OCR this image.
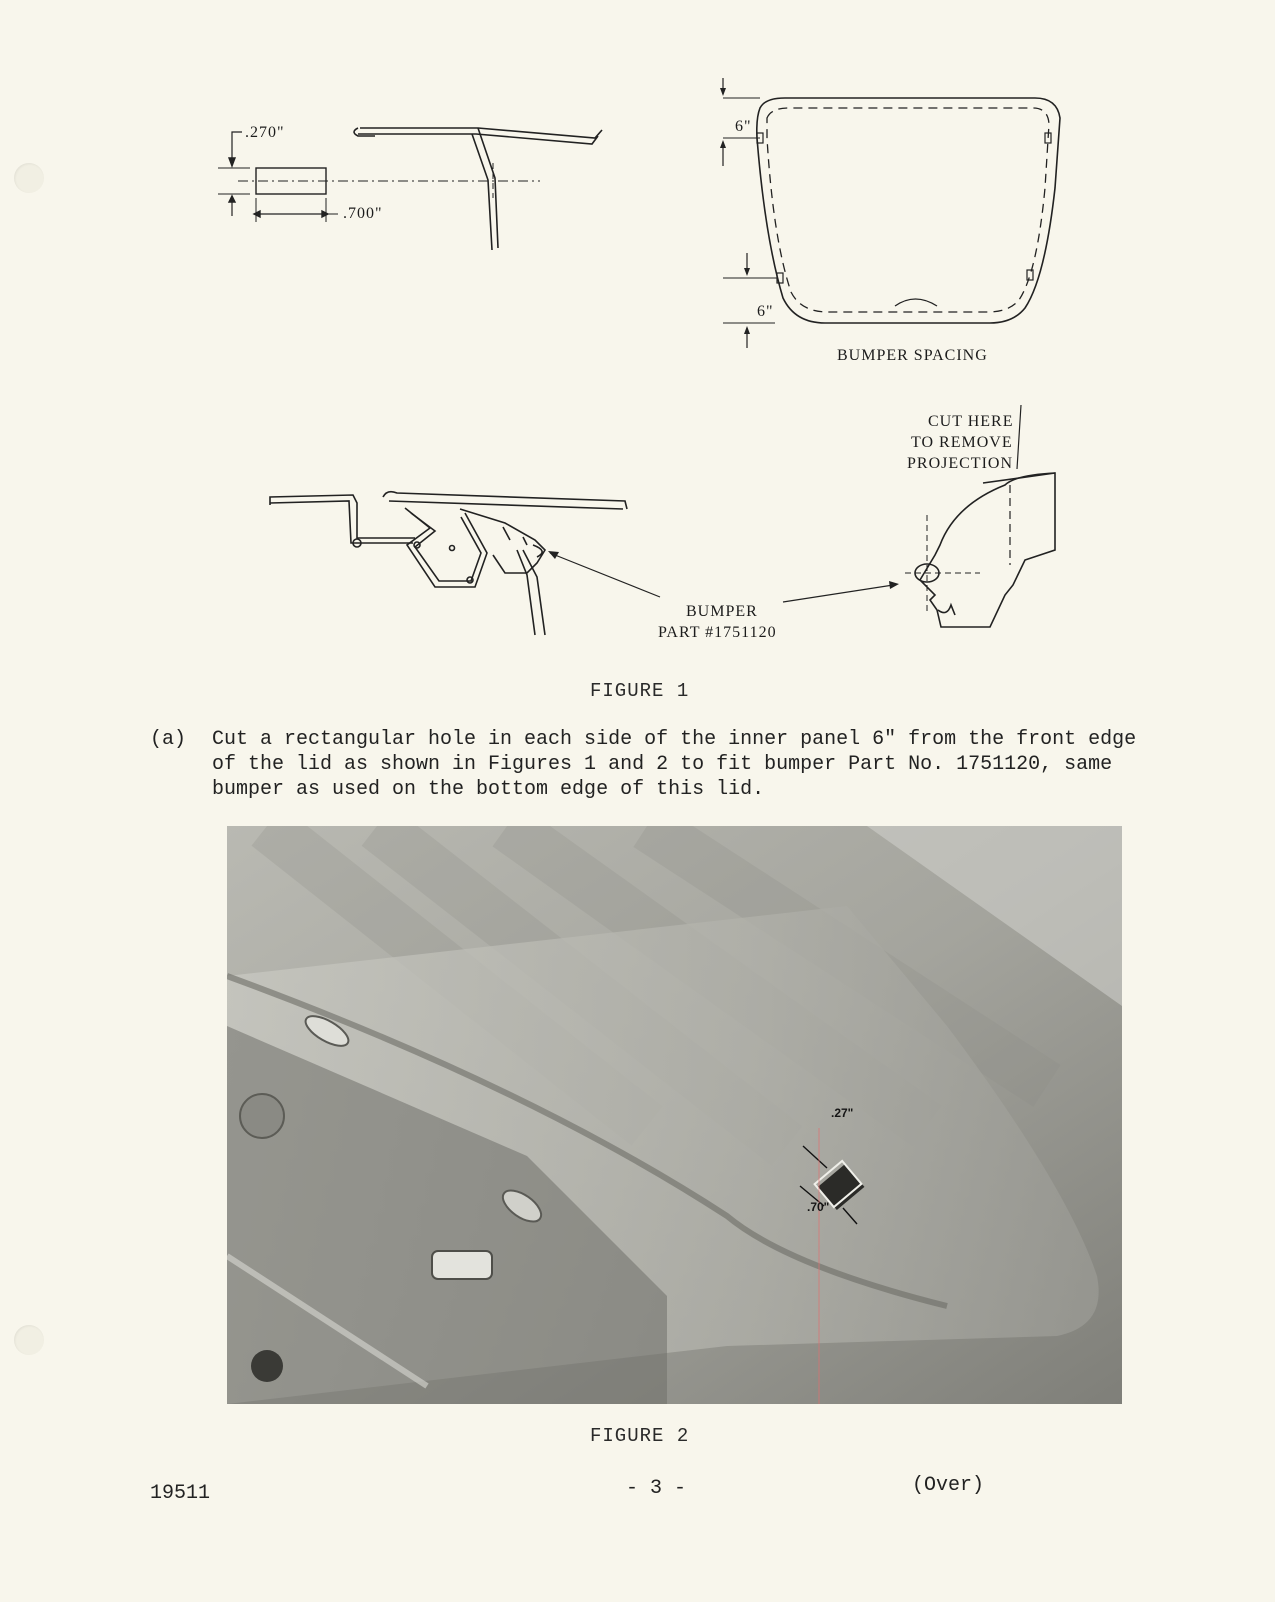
.270"
.700"
6"
6"
BUMPER SPACING
CUT HERE
TO REMOVE
PROJECTION
BUMPER
PART #1751120
FIGURE 1
(a) Cut a rectangular hole in each side of the inner panel 6" from the front edge of the lid as shown in Figures 1 and 2 to fit bumper Part No. 1751120, same bumper as used on the bottom edge of this lid.
.27"
.70"
FIGURE 2
19511	- 3 -	(Over)
